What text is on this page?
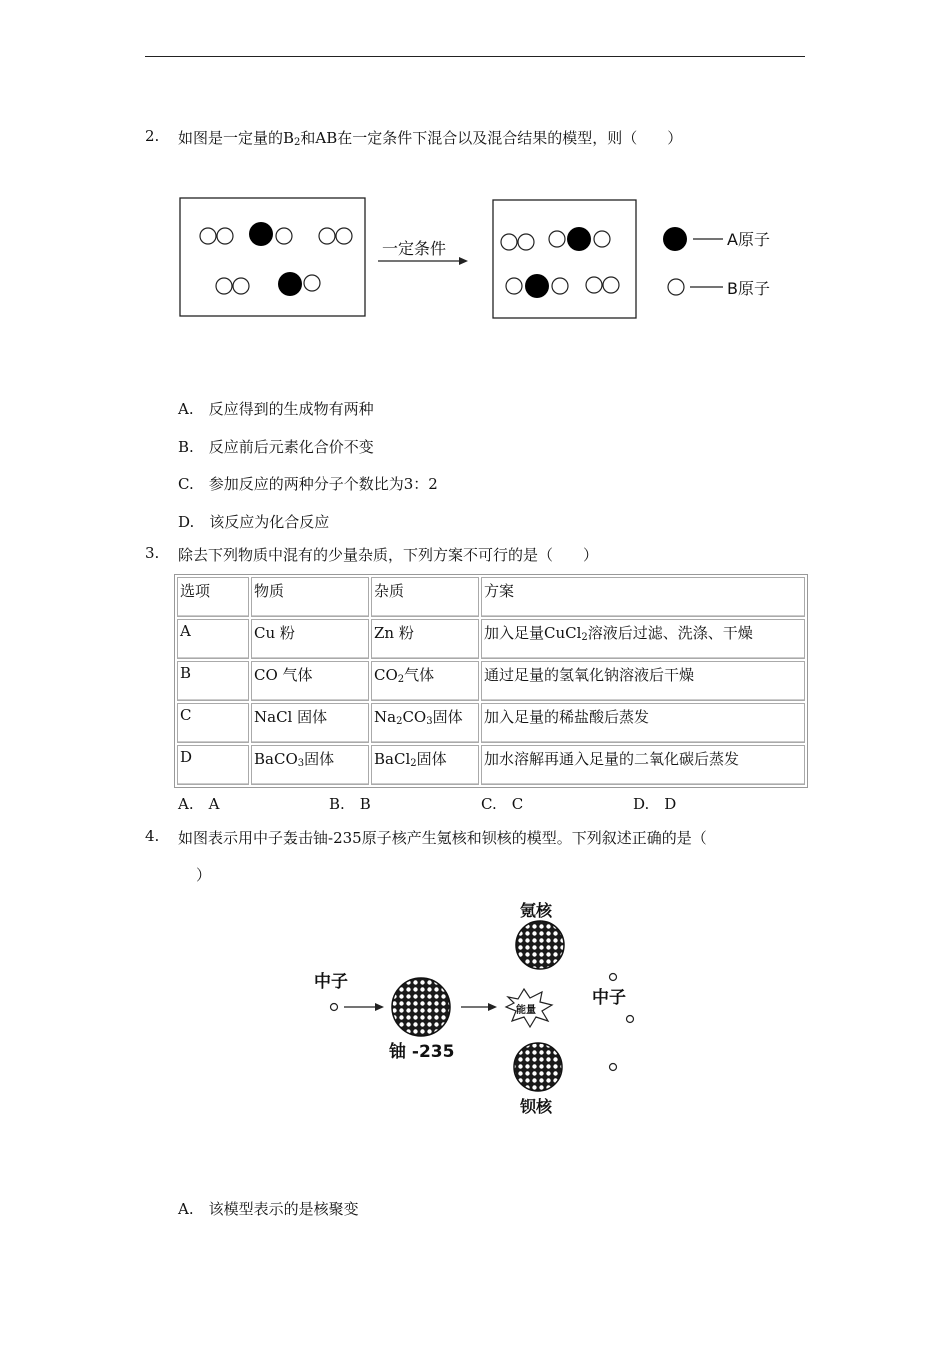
2. 如图是一定量的$B_2$和AB在一定条件下混合以及混合结果的模型，则（　　）
一定条件	A原子
B原子
A.　反应得到的生成物有两种
B.　反应前后元素化合价不变
C.　参加反应的两种分子个数比为3：2
D.　该反应为化合反应
3. 除去下列物质中混有的少量杂质，下列方案不可行的是（　　）
选项	物质	杂质	方案
A	Cu 粉	Zn 粉	加入足量CuCl$_2$溶液后过滤、洗涤、干燥
B	CO 气体	$CO_2$气体	通过足量的氢氧化钠溶液后干燥
C	NaCl 固体	$Na_2CO_3$固体	加入足量的稀盐酸后蒸发
D	BaCO$_3$固体	BaCl$_2$固体	加水溶解再通入足量的二氧化碳后蒸发
A.　A	B.　B	C.　C	D.　D
4. 如图表示用中子轰击铀-235原子核产生氪核和钡核的模型。下列叙述正确的是（
）
中子
铀 -235
能量
氪核
钡核
中子
A.　该模型表示的是核聚变
